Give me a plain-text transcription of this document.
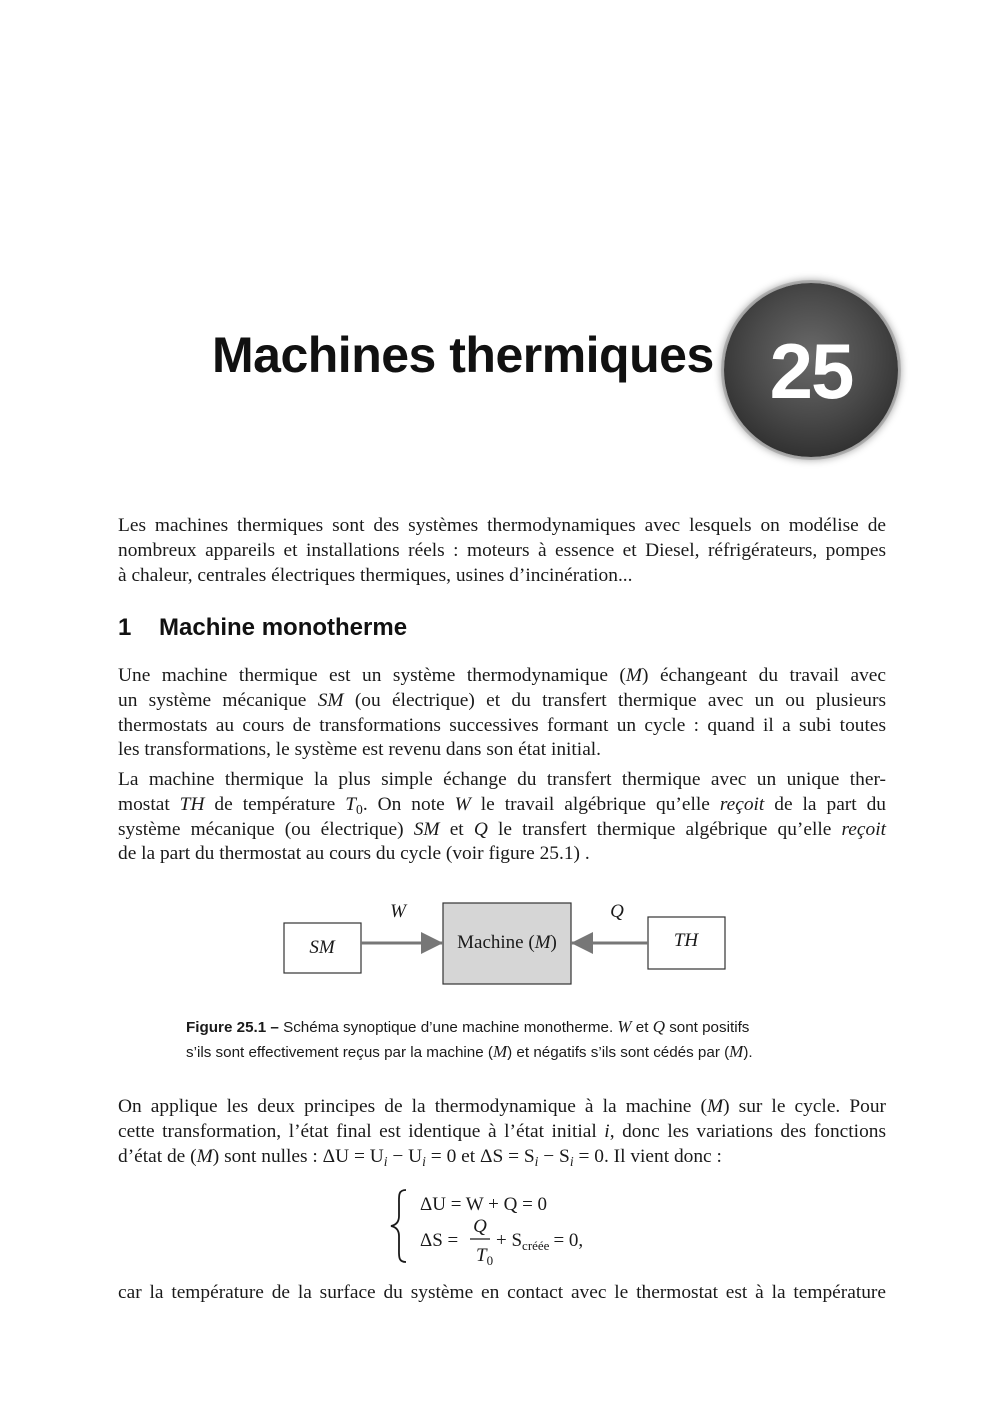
Machines thermiques 25

Les machines thermiques sont des systèmes thermodynamiques avec lesquels on modélise de
nombreux appareils et installations réels : moteurs à essence et Diesel, réfrigérateurs, pompes
à chaleur, centrales électriques thermiques, usines d’incinération...

1 Machine monotherme

Une machine thermique est un système thermodynamique (M) échangeant du travail avec
un système mécanique SM (ou électrique) et du transfert thermique avec un ou plusieurs
thermostats au cours de transformations successives formant un cycle : quand il a subi toutes
les transformations, le système est revenu dans son état initial.

La machine thermique la plus simple échange du transfert thermique avec un unique ther-
mostat TH de température $T_0$. On note W le travail algébrique qu’elle reçoit de la part du
système mécanique (ou électrique) SM et Q le transfert thermique algébrique qu’elle reçoit
de la part du thermostat au cours du cycle (voir figure 25.1) .

SM	Machine (M)	TH
W	Q
Figure 25.1 – Schéma synoptique d’une machine monotherme. W et Q sont positifs
s’ils sont effectivement reçus par la machine (M) et négatifs s’ils sont cédés par (M).

On applique les deux principes de la thermodynamique à la machine (M) sur le cycle. Pour
cette transformation, l’état final est identique à l’état initial i, donc les variations des fonctions
d’état de (M) sont nulles : $\Delta U = U_i - U_i = 0$ et $\Delta S = S_i - S_i = 0$. Il vient donc :

ΔU = W + Q = 0
ΔS =
Q
$T_0$
+ $S_{créée} = 0$,

car la température de la surface du système en contact avec le thermostat est à la température
